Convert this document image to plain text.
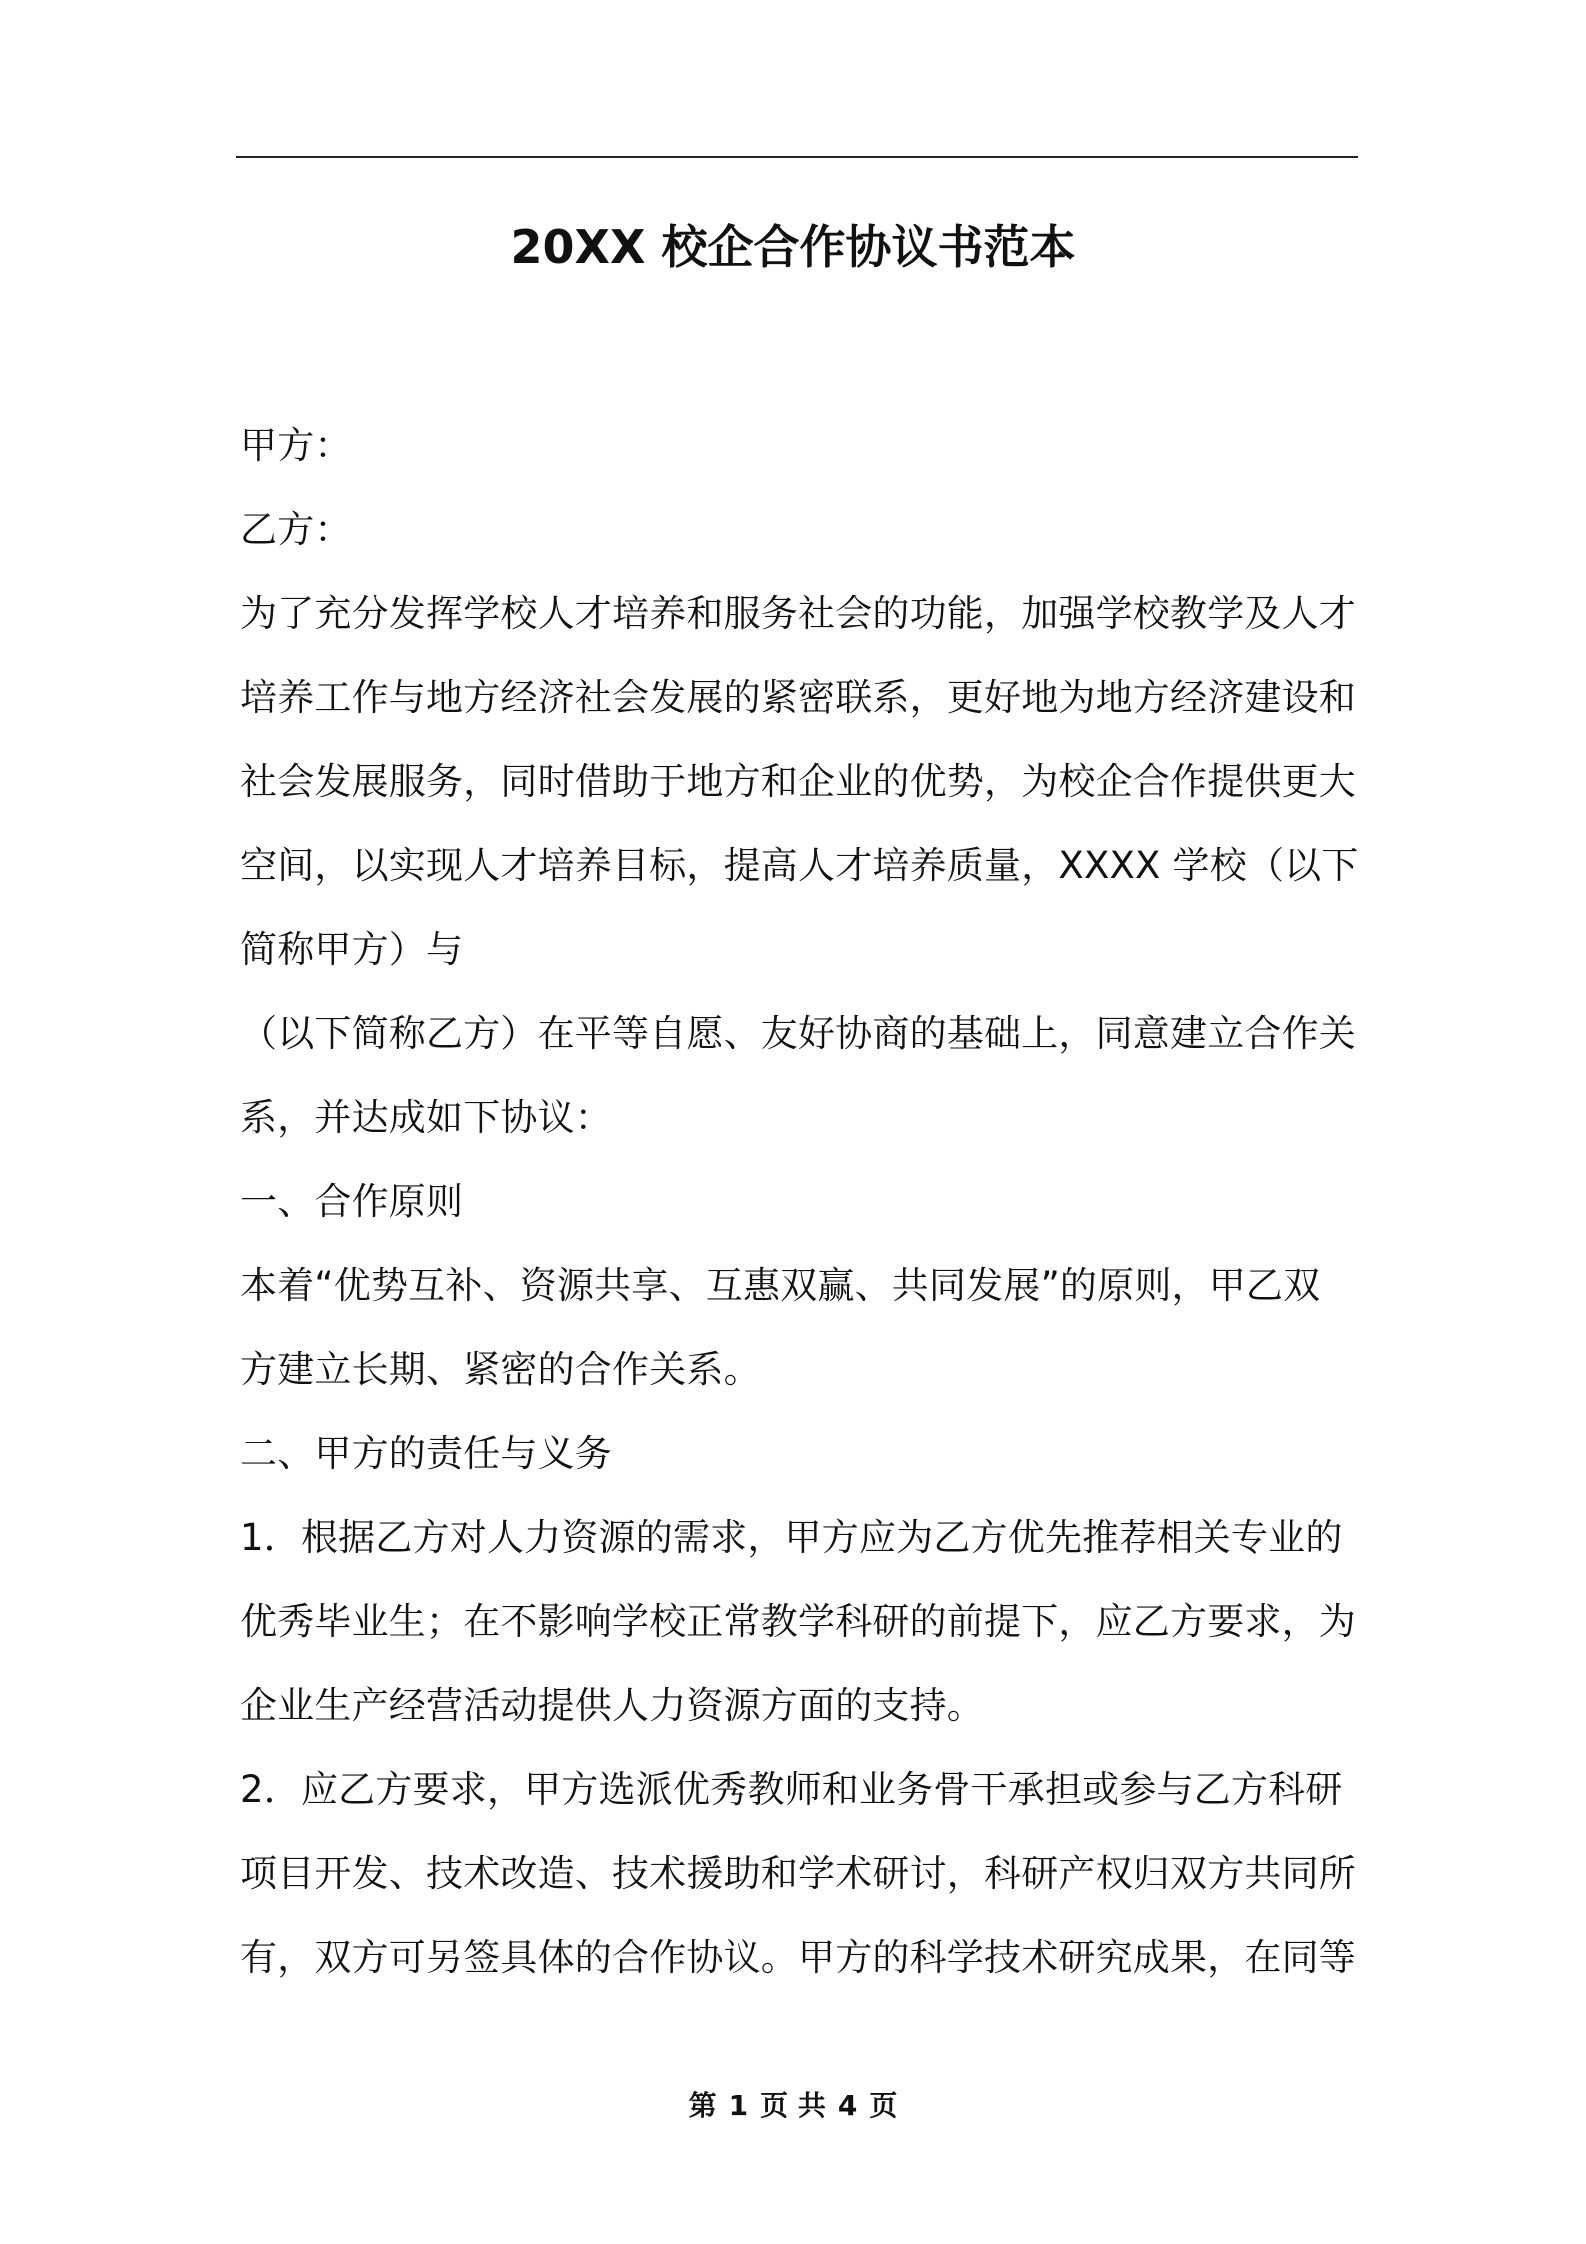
20XX 校企合作协议书范本
甲方：
乙方：
为了充分发挥学校人才培养和服务社会的功能，加强学校教学及人才
培养工作与地方经济社会发展的紧密联系，更好地为地方经济建设和
社会发展服务，同时借助于地方和企业的优势，为校企合作提供更大
空间，以实现人才培养目标，提高人才培养质量，XXXX 学校（以下
简称甲方）与
（以下简称乙方）在平等自愿、友好协商的基础上，同意建立合作关
系，并达成如下协议：
一、合作原则
本着“优势互补、资源共享、互惠双赢、共同发展”的原则，甲乙双
方建立长期、紧密的合作关系。
二、甲方的责任与义务
1．根据乙方对人力资源的需求，甲方应为乙方优先推荐相关专业的
优秀毕业生；在不影响学校正常教学科研的前提下，应乙方要求，为
企业生产经营活动提供人力资源方面的支持。
2．应乙方要求，甲方选派优秀教师和业务骨干承担或参与乙方科研
项目开发、技术改造、技术援助和学术研讨，科研产权归双方共同所
有，双方可另签具体的合作协议。甲方的科学技术研究成果，在同等
第 1 页 共 4 页
